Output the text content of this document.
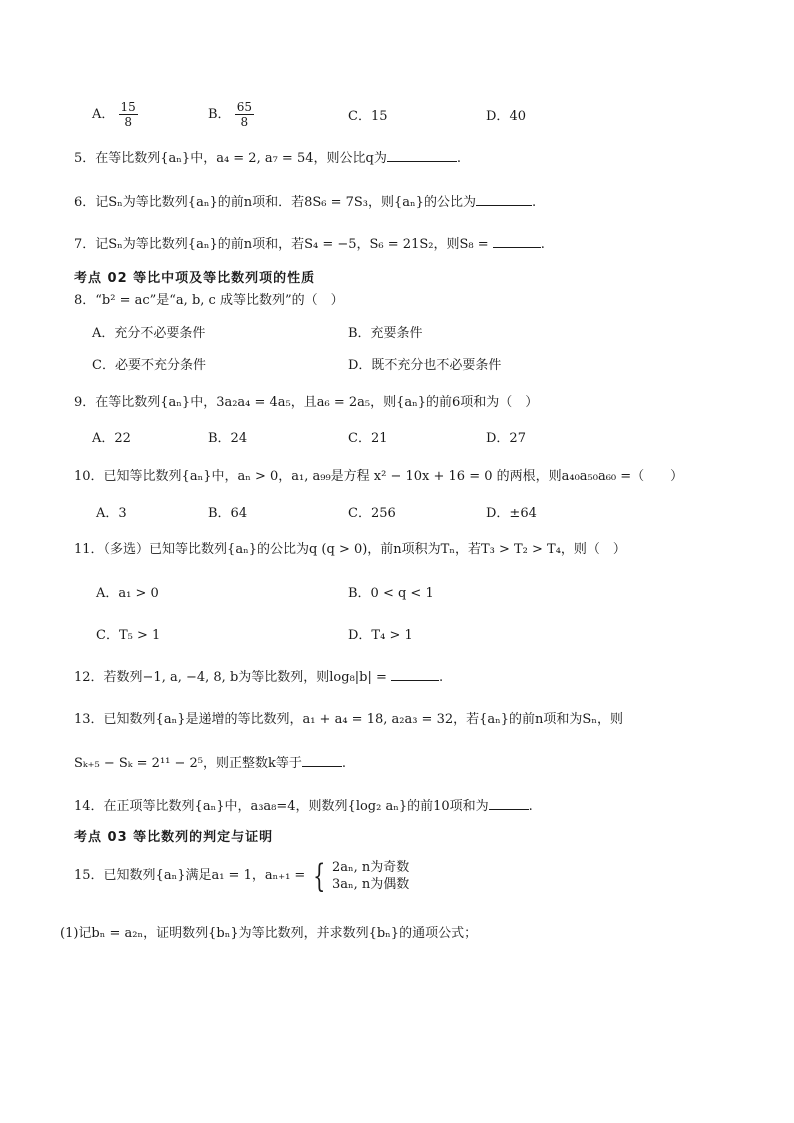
A． $\frac{15}{8}$	B． $\frac{65}{8}$	C．15	D．40
5．在等比数列{aₙ}中，a₄ = 2, a₇ = 54，则公比q为	.
6．记Sₙ为等比数列{aₙ}的前n项和．若8S₆ = 7S₃，则{aₙ}的公比为	.
7．记Sₙ为等比数列{aₙ}的前n项和，若S₄ = −5，S₆ = 21S₂，则S₈ =	.
考点 02 等比中项及等比数列项的性质
8．“b² = ac”是“a, b, c 成等比数列”的（　）
A．充分不必要条件	B．充要条件
C．必要不充分条件	D．既不充分也不必要条件
9．在等比数列{aₙ}中，3a₂a₄ = 4a₅，且a₆ = 2a₅，则{aₙ}的前6项和为（　）
A．22	B．24	C．21	D．27
10．已知等比数列{aₙ}中，aₙ > 0，a₁, a₉₉是方程 x² − 10x + 16 = 0 的两根，则a₄₀a₅₀a₆₀ =（　　）
A．3	B．64	C．256	D．±64
11．（多选）已知等比数列{aₙ}的公比为q (q > 0)，前n项积为Tₙ，若T₃ > T₂ > T₄，则（　）
A．a₁ > 0	B．0 < q < 1
C．T₅ > 1	D．T₄ > 1
12．若数列−1, a, −4, 8, b为等比数列，则log₈|b| =	.
13．已知数列{aₙ}是递增的等比数列，a₁ + a₄ = 18, a₂a₃ = 32，若{aₙ}的前n项和为Sₙ，则
Sₖ₊₅ − Sₖ = 2¹¹ − 2⁵，则正整数k等于	.
14．在正项等比数列{aₙ}中，a₃a₈=4，则数列{log₂ aₙ}的前10项和为	.
考点 03 等比数列的判定与证明
15．已知数列{aₙ}满足a₁ = 1，aₙ₊₁ = { 2aₙ, n为奇数
3aₙ, n为偶数
(1)记bₙ = a₂ₙ，证明数列{bₙ}为等比数列，并求数列{bₙ}的通项公式；
